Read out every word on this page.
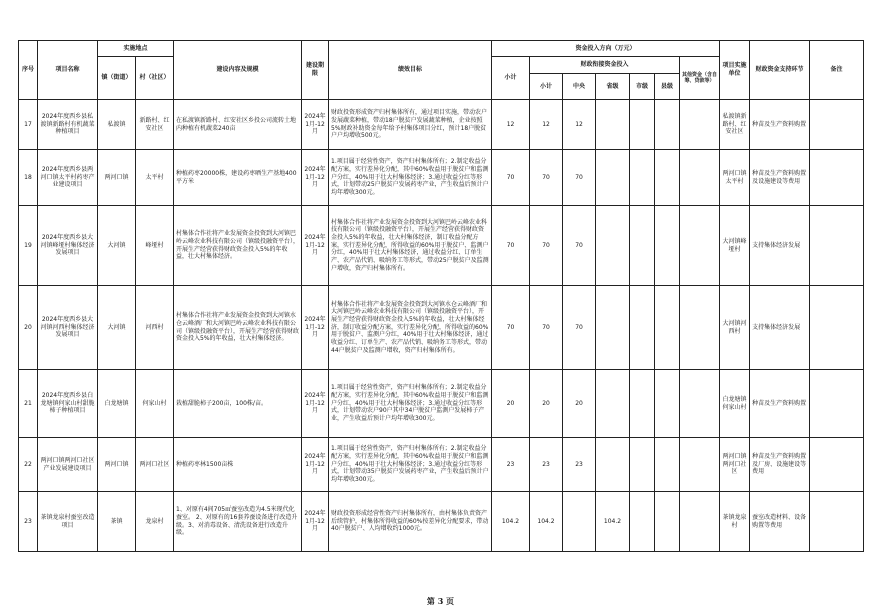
序号	项目名称	实施地点		建设内容及规模	建设期限	绩效目标	资金投入方向（万元）							项目实施单位	财政资金支持环节	备注
		镇（街道）	村（社区）				小计	财政衔接资金投入					其他资金（含自筹、贷款等）			
								小计	中央	省级	市级	县级				
17	2024年度西乡县私渡镇新路村有机蔬菜种植项目	私渡镇	新路村、红安社区	在私渡镇新路村、红安社区乡投公司流转土地内种植有机蔬菜240亩	2024年1月-12月	财政投资形成资产归村集体所有，通过项目实施，带动农户发展蔬菜种植，带动18户脱贫户发展蔬菜种植，企业按照5%财政补助资金每年给予村集体项目分红，预计18户脱贫户户均增收500元。	12	12	12					私渡镇新路村、红安社区	种苗及生产资料购置	
18	2024年度西乡县两河口镇太平村药枣产业建设项目	两河口镇	太平村	种植药枣20000株，建设药枣晒生产基地400平方米	2024年1月-12月	1.项目属于经营性资产，资产归村集体所有；2.制定收益分配方案，实行差异化分配，其中60%收益用于脱贫户和监测户分红，40%用于壮大村集体经济；3.通过收益分红等形式，计划带动25户脱贫户发展药枣产业，产生收益后预计户均年增收300元。	70	70	70					两河口镇太平村	种苗及生产资料购置及设施建设等费用	
19	2024年度西乡县大河镇峰垭村集体经济发展项目	大河镇	峰垭村	村集体合作社将产业发展资金投资到大河镇巴岭云峰农业科技有限公司（镇级投融资平台），开展生产经营获得财政资金投入5%的年收益，壮大村集体经济。	2024年1月-12月	村集体合作社将产业发展资金投资到大河镇巴岭云峰农业科技有限公司（镇级投融资平台），开展生产经营获得财政资金投入5%的年收益，壮大村集体经济，制订收益分配方案，实行差异化分配，所得收益的60%用于脱贫户、监测户分红，40%用于壮大村集体经济，通过收益分红、订单生产、农产品代销、吸纳务工等形式，带动25户脱贫户及监测户增收，资产归村集体所有。	70	70	70					大河镇峰垭村	支持集体经济发展	
20	2024年度西乡县大河镇河西村集体经济发展项目	大河镇	河西村	村集体合作社将产业发展资金投资到大河镇水仓云峰酒厂和大河镇巴岭云峰农业科技有限公司（镇级投融资平台），开展生产经营获得财政资金投入5%的年收益，壮大村集体经济。	2024年1月-12月	村集体合作社将产业发展资金投资到大河镇水仓云峰酒厂和大河镇巴岭云峰农业科技有限公司（镇级投融资平台），开展生产经营获得财政资金投入5%的年收益，壮大村集体经济，制订收益分配方案，实行差异化分配，所得收益的60%用于脱贫户、监测户分红，40%用于壮大村集体经济，通过收益分红、订单生产、农产品代销、吸纳务工等形式，带动44户脱贫户及监测户增收，资产归村集体所有。	70	70	70					大河镇河西村	支持集体经济发展	
21	2024年度西乡县白龙塘镇何家山村甜脆柿子种植项目	白龙塘镇	何家山村	栽植甜脆柿子200亩，100株/亩。	2024年1月-12月	1.项目属于经营性资产，资产归村集体所有；2.制定收益分配方案，实行差异化分配，其中60%收益用于脱贫户和监测户分红，40%用于壮大村集体经济；3.通过收益分红等形式，计划带动农户90户其中34户脱贫户监测户发展柿子产业，产生收益后预计户均年增收300元。	20	20	20					白龙塘镇何家山村	种苗及生产资料购置	
22	两河口镇两河口社区产业发展建设项目	两河口镇	两河口社区	种植药枣林1500亩株	2024年1月-12月	1.项目属于经营性资产，资产归村集体所有；2.制定收益分配方案，实行差异化分配，其中60%收益用于脱贫户和监测户分红，40%用于壮大村集体经济；3.通过收益分红等形式，计划带动35户脱贫户发展药枣产业，产生收益后预计户均年增收300元。	23	23	23					两河口镇两河口社区	种苗及生产资料购置及厂房、设施建设等费用	
23	茶镇龙泉村蚕室改造项目	茶镇	龙泉村	1、对原有4间705㎡蚕室改造为4.5米现代化蚕室。 2、对原有的16套养蚕设备进行改造升级。3、对消毒设备、清洗设备进行改造升级。	2024年1月-12月	财政投资形成经营性资产归村集体所有，由村集体负责资产后续管护，村集体所得收益的60%按差异化分配要求，带动40户脱贫户、人均增收约1000元。	104.2	104.2		104.2				茶镇龙泉村	蚕室改造材料、设备购置等费用	
第 3 页
